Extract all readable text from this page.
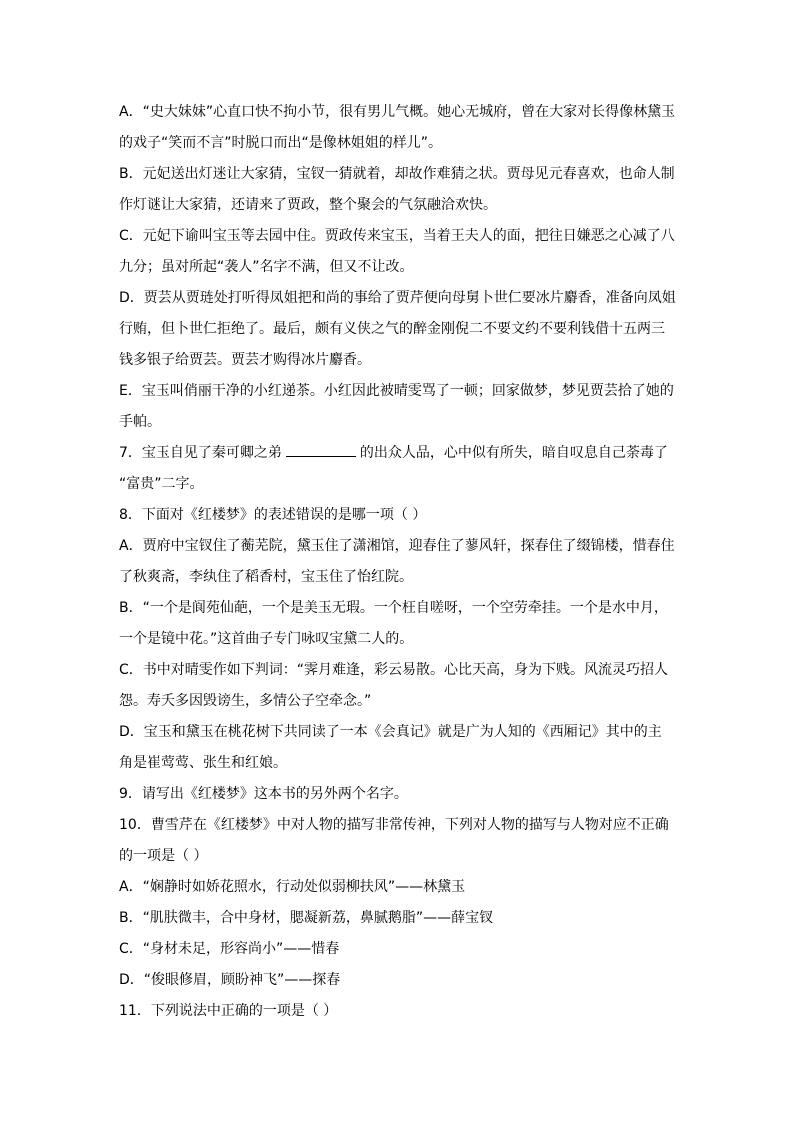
A．“史大妹妹”心直口快不拘小节，很有男儿气概。她心无城府，曾在大家对长得像林黛玉
的戏子“笑而不言”时脱口而出“是像林姐姐的样儿”。
B．元妃送出灯迷让大家猜，宝钗一猜就着，却故作难猜之状。贾母见元春喜欢，也命人制
作灯谜让大家猜，还请来了贾政，整个聚会的气氛融洽欢快。
C．元妃下谕叫宝玉等去园中住。贾政传来宝玉，当着王夫人的面，把往日嫌恶之心减了八
九分；虽对所起“袭人”名字不满，但又不让改。
D．贾芸从贾琏处打听得凤姐把和尚的事给了贾芹便向母舅卜世仁要冰片麝香，准备向凤姐
行贿，但卜世仁拒绝了。最后，颇有义侠之气的醉金刚倪二不要文约不要利钱借十五两三
钱多银子给贾芸。贾芸才购得冰片麝香。
E．宝玉叫俏丽干净的小红递茶。小红因此被晴雯骂了一顿；回家做梦，梦见贾芸拾了她的
手帕。
7．宝玉自见了秦可卿之弟	的出众人品，心中似有所失，暗自叹息自己荼毒了
“富贵”二字。
8．下面对《红楼梦》的表述错误的是哪一项（ ）
A．贾府中宝钗住了蘅芜院，黛玉住了潇湘馆，迎春住了蓼风轩，探春住了缀锦楼，惜春住
了秋爽斋，李纨住了稻香村，宝玉住了怡红院。
B．“一个是阆苑仙葩，一个是美玉无瑕。一个枉自嗟呀，一个空劳牵挂。一个是水中月，
一个是镜中花。”这首曲子专门咏叹宝黛二人的。
C．书中对晴雯作如下判词：“霁月难逢，彩云易散。心比天高，身为下贱。风流灵巧招人
怨。寿夭多因毁谤生，多情公子空牵念。”
D．宝玉和黛玉在桃花树下共同读了一本《会真记》就是广为人知的《西厢记》其中的主
角是崔莺莺、张生和红娘。
9．请写出《红楼梦》这本书的另外两个名字。
10．曹雪芹在《红楼梦》中对人物的描写非常传神，下列对人物的描写与人物对应不正确
的一项是（ ）
A．“娴静时如娇花照水，行动处似弱柳扶风”——林黛玉
B．“肌肤微丰，合中身材，腮凝新荔，鼻腻鹅脂”——薛宝钗
C．“身材未足，形容尚小”——惜春
D．“俊眼修眉，顾盼神飞”——探春
11．下列说法中正确的一项是（ ）
